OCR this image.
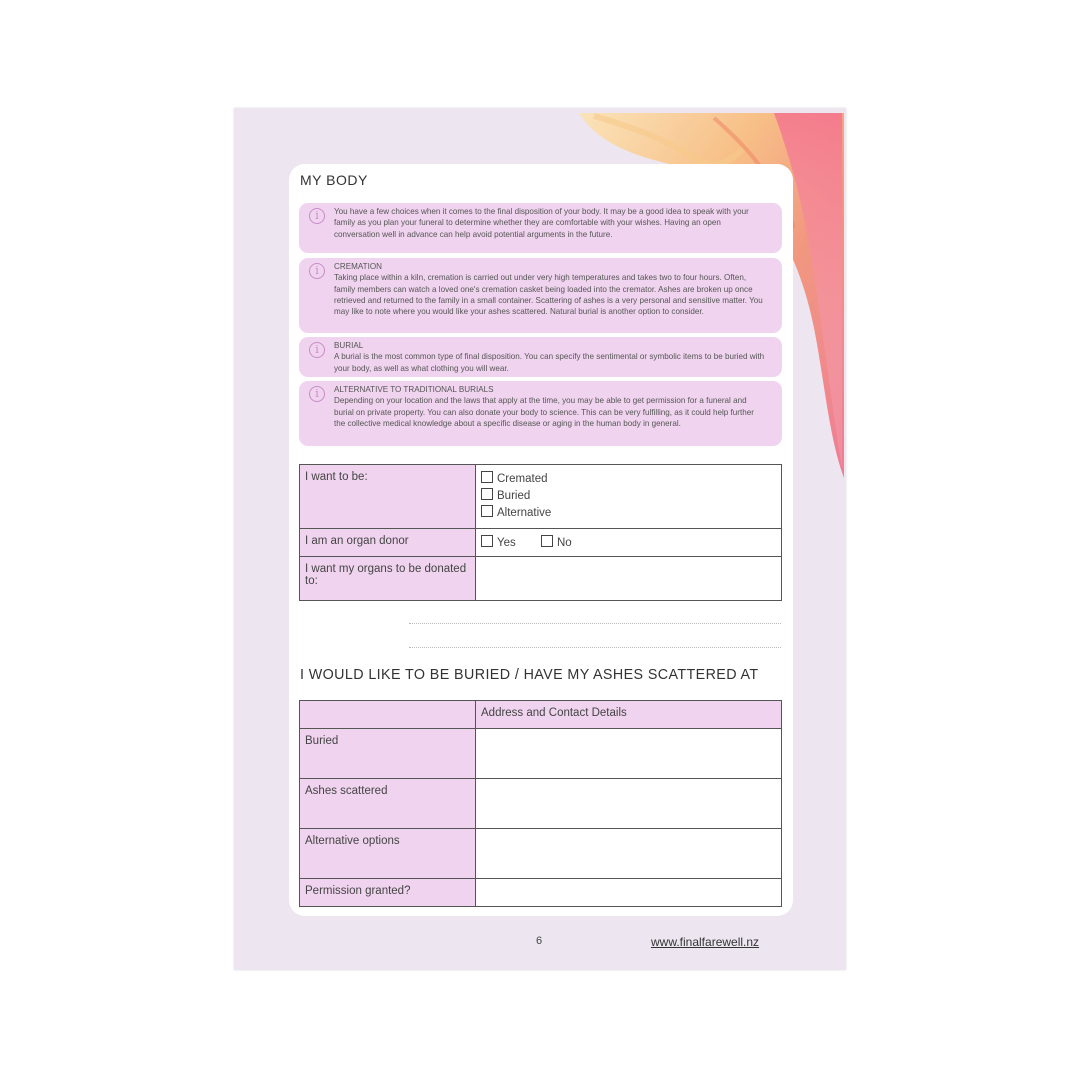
MY BODY
i	You have a few choices when it comes to the final disposition of your body. It may be a good idea to speak with your family as you plan your funeral to determine whether they are comfortable with your wishes. Having an open conversation well in advance can help avoid potential arguments in the future.
i	CREMATION
Taking place within a kiln, cremation is carried out under very high temperatures and takes two to four hours. Often, family members can watch a loved one's cremation casket being loaded into the cremator. Ashes are broken up once retrieved and returned to the family in a small container. Scattering of ashes is a very personal and sensitive matter. You may like to note where you would like your ashes scattered. Natural burial is another option to consider.
i	BURIAL
A burial is the most common type of final disposition. You can specify the sentimental or symbolic items to be buried with your body, as well as what clothing you will wear.
i	ALTERNATIVE TO TRADITIONAL BURIALS
Depending on your location and the laws that apply at the time, you may be able to get permission for a funeral and burial on private property. You can also donate your body to science. This can be very fulfilling, as it could help further the collective medical knowledge about a specific disease or aging in the human body in general.
I want to be:	Cremated
Buried
Alternative

I am an organ donor	Yes No
I want my organs to be donated to:	
I WOULD LIKE TO BE BURIED / HAVE MY ASHES SCATTERED AT
	Address and Contact Details
Buried	
Ashes scattered	
Alternative options	
Permission granted?	
6	www.finalfarewell.nz
